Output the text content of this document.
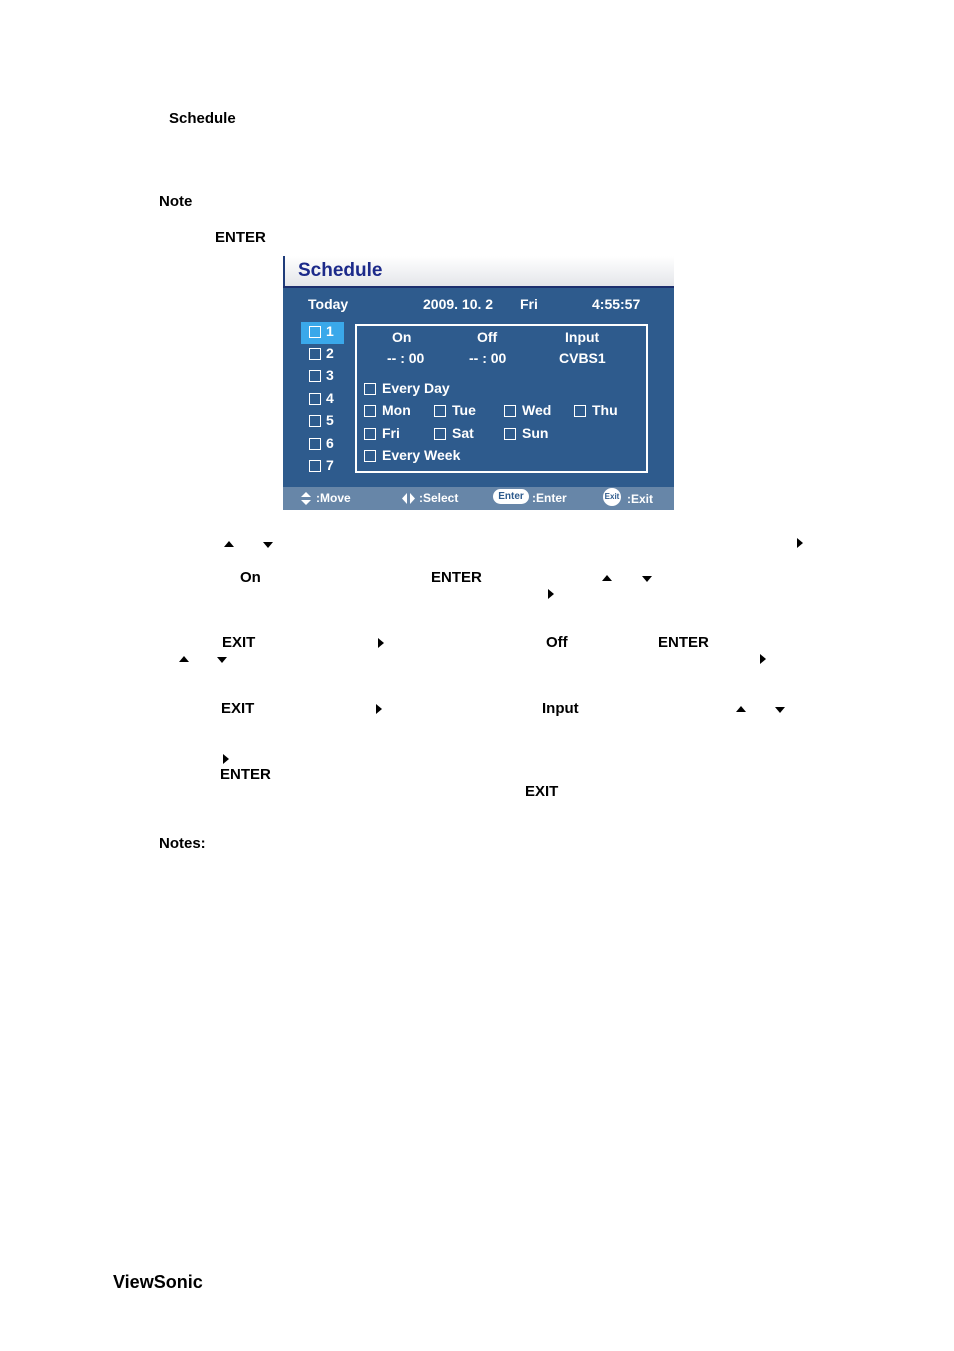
Schedule
Note
ENTER
Schedule
Today	2009. 10. 2 Fri	4:55:57
1
2
3
4
5
6
7
On	Off	Input
-- : 00	-- : 00	CVBS1
Every Day
Mon	Tue	Wed	Thu
Fri	Sat	Sun
Every Week
:Move	:Select	Enter :Enter	Exit :Exit
On	ENTER
EXIT	Off	ENTER
EXIT	Input
ENTER
EXIT
Notes:
ViewSonic
